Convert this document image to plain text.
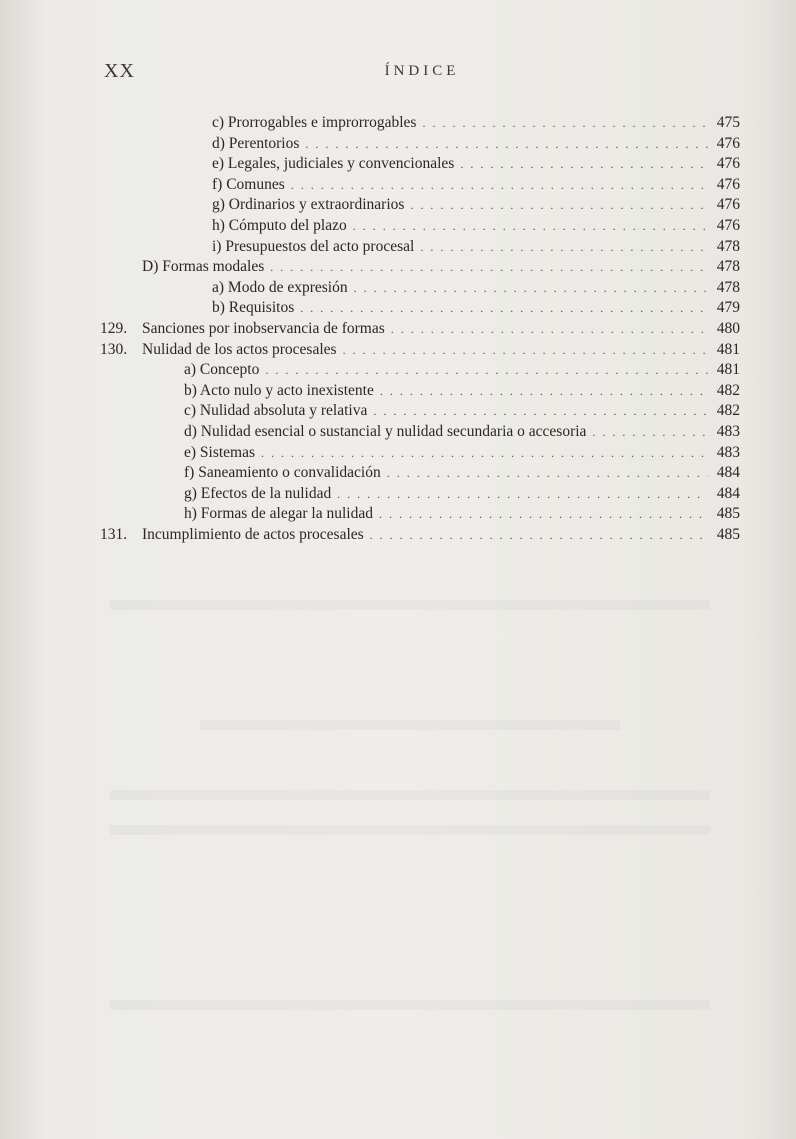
XX	ÍNDICE
c) Prorrogables e improrrogables . . .	475
d) Perentorios . . .	476
e) Legales, judiciales y convencionales . . .	476
f) Comunes . . .	476
g) Ordinarios y extraordinarios . . .	476
h) Cómputo del plazo . . .	476
i) Presupuestos del acto procesal . . .	478
D) Formas modales . . .	478
a) Modo de expresión . . .	478
b) Requisitos . . .	479
129. Sanciones por inobservancia de formas . . .	480
130. Nulidad de los actos procesales . . .	481
a) Concepto . . .	481
b) Acto nulo y acto inexistente . . .	482
c) Nulidad absoluta y relativa . . .	482
d) Nulidad esencial o sustancial y nulidad secundaria o accesoria . . .	483
e) Sistemas . . .	483
f) Saneamiento o convalidación . . .	484
g) Efectos de la nulidad . . .	484
h) Formas de alegar la nulidad . . .	485
131. Incumplimiento de actos procesales . . .	485
